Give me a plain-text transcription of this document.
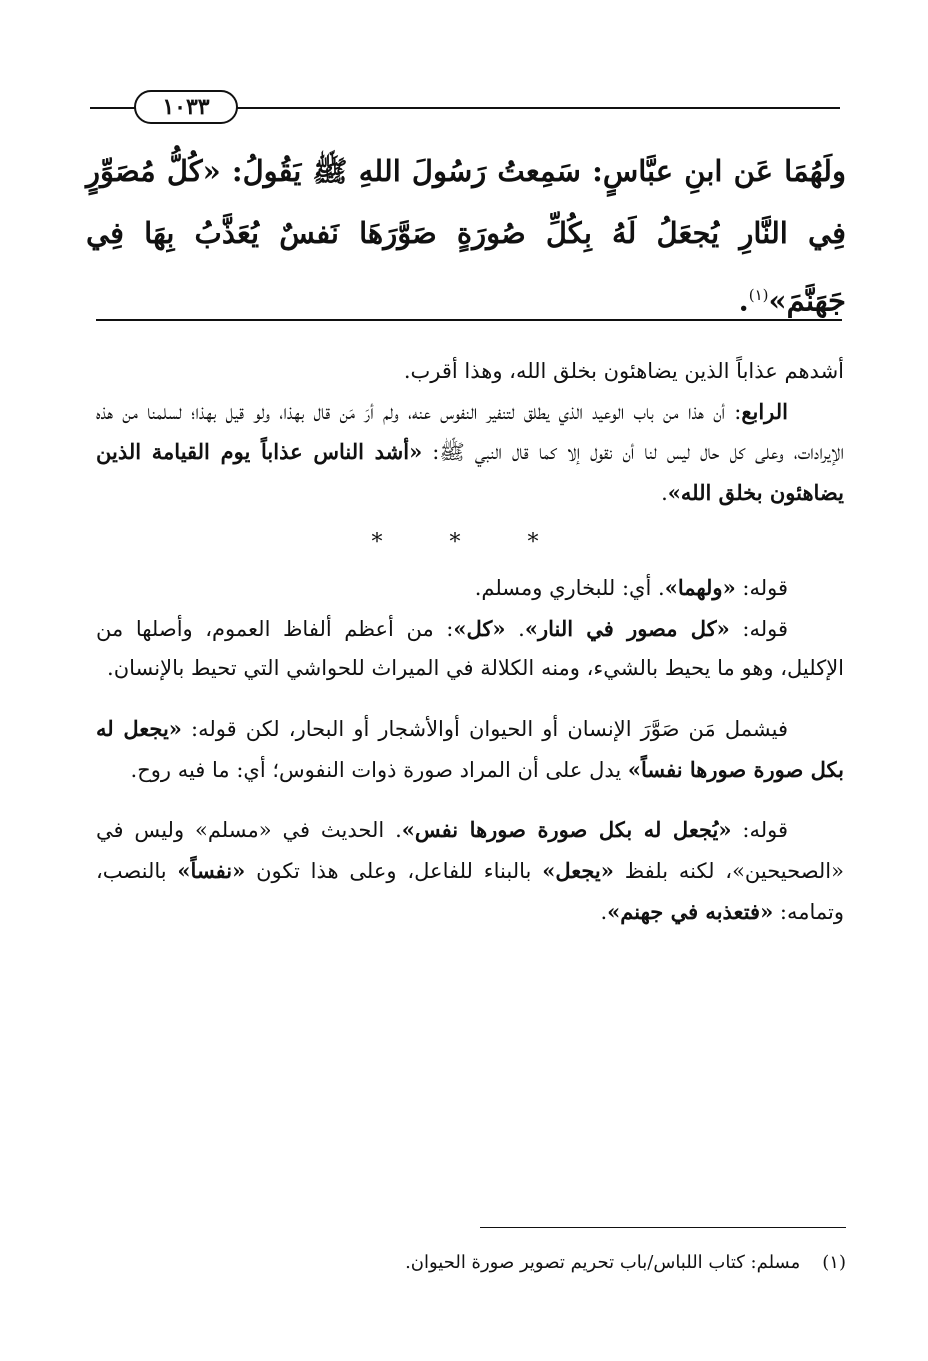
١٠٣٣
ولَهُمَا عَن ابنِ عبَّاسٍ: سَمِعتُ رَسُولَ اللهِ ﷺ يَقُولُ: «كُلُّ مُصَوِّرٍ فِي النَّارِ يُجعَلُ لَهُ بِكُلِّ صُورَةٍ صَوَّرَهَا نَفسٌ يُعَذَّبُ بِهَا فِي جَهَنَّمَ»$^{(١)}$.

أشدهم عذاباً الذين يضاهئون بخلق الله، وهذا أقرب.

الرابع: أن هذا من باب الوعيد الذي يطلق لتنفير النفوس عنه، ولم أرَ مَن قال بهذا، ولو قيل بهذا؛ لسلمنا من هذه الإيرادات، وعلى كل حال ليس لنا أن نقول إلا كما قال النبي ﷺ: «أشد الناس عذاباً يوم القيامة الذين يضاهئون بخلق الله».

* * *

قوله: «ولهما». أي: للبخاري ومسلم.

قوله: «كل مصور في النار». «كل»: من أعظم ألفاظ العموم، وأصلها من الإكليل، وهو ما يحيط بالشيء، ومنه الكلالة في الميراث للحواشي التي تحيط بالإنسان.

فيشمل مَن صَوَّرَ الإنسان أو الحيوان أوالأشجار أو البحار، لكن قوله: «يجعل له بكل صورة صورها نفساً» يدل على أن المراد صورة ذوات النفوس؛ أي: ما فيه روح.

قوله: «يُجعل له بكل صورة صورها نفس». الحديث في «مسلم» وليس في «الصحيحين»، لكنه بلفظ «يجعل» بالبناء للفاعل، وعلى هذا تكون «نفساً» بالنصب، وتمامه: «فتعذبه في جهنم».

(١)مسلم: كتاب اللباس/باب تحريم تصوير صورة الحيوان.
